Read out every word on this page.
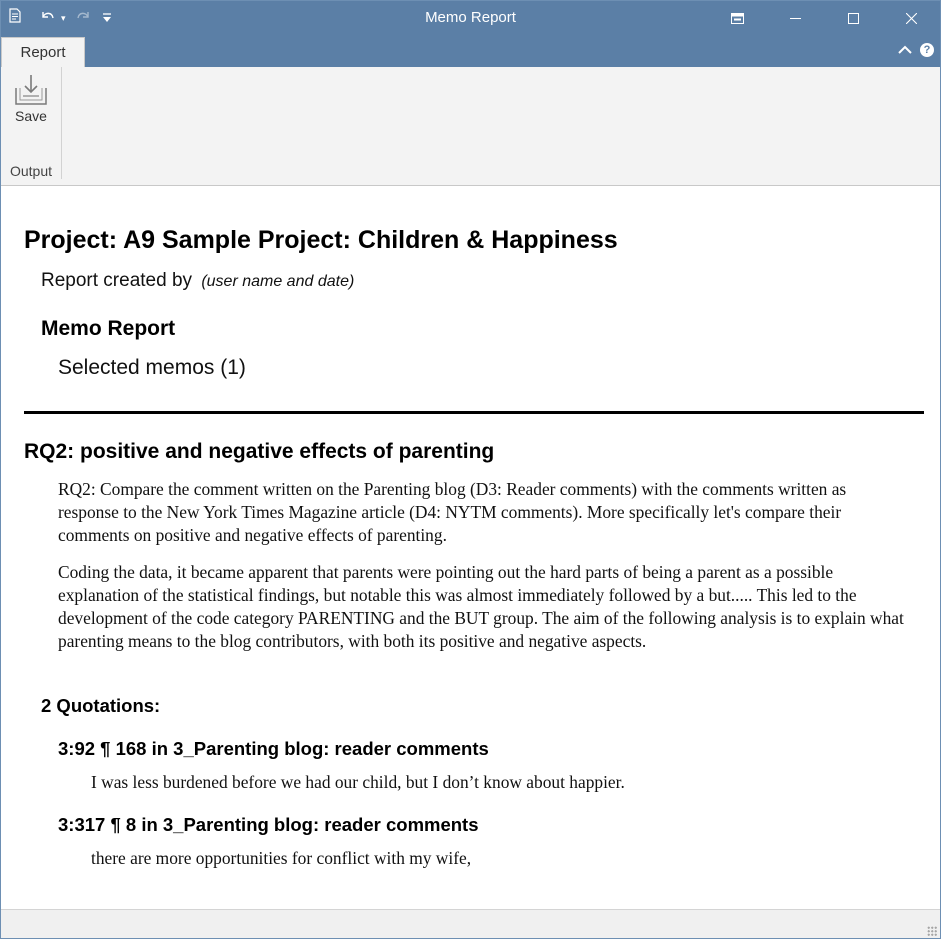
▾	Memo Report
Report	?
Save
Output
Project: A9 Sample Project: Children & Happiness
Report created by (user name and date)
Memo Report
Selected memos (1)
RQ2: positive and negative effects of parenting

RQ2: Compare the comment written on the Parenting blog (D3: Reader comments) with the comments written as response to the New York Times Magazine article (D4: NYTM comments). More specifically let's compare their comments on positive and negative effects of parenting.

Coding the data, it became apparent that parents were pointing out the hard parts of being a parent as a possible explanation of the statistical findings, but notable this was almost immediately followed by a but..... This led to the development of the code category PARENTING and the BUT group. The aim of the following analysis is to explain what parenting means to the blog contributors, with both its positive and negative aspects.

2 Quotations:
3:92 ¶ 168 in 3_Parenting blog: reader comments

I was less burdened before we had our child, but I don’t know about happier.

3:317 ¶ 8 in 3_Parenting blog: reader comments

there are more opportunities for conflict with my wife,
